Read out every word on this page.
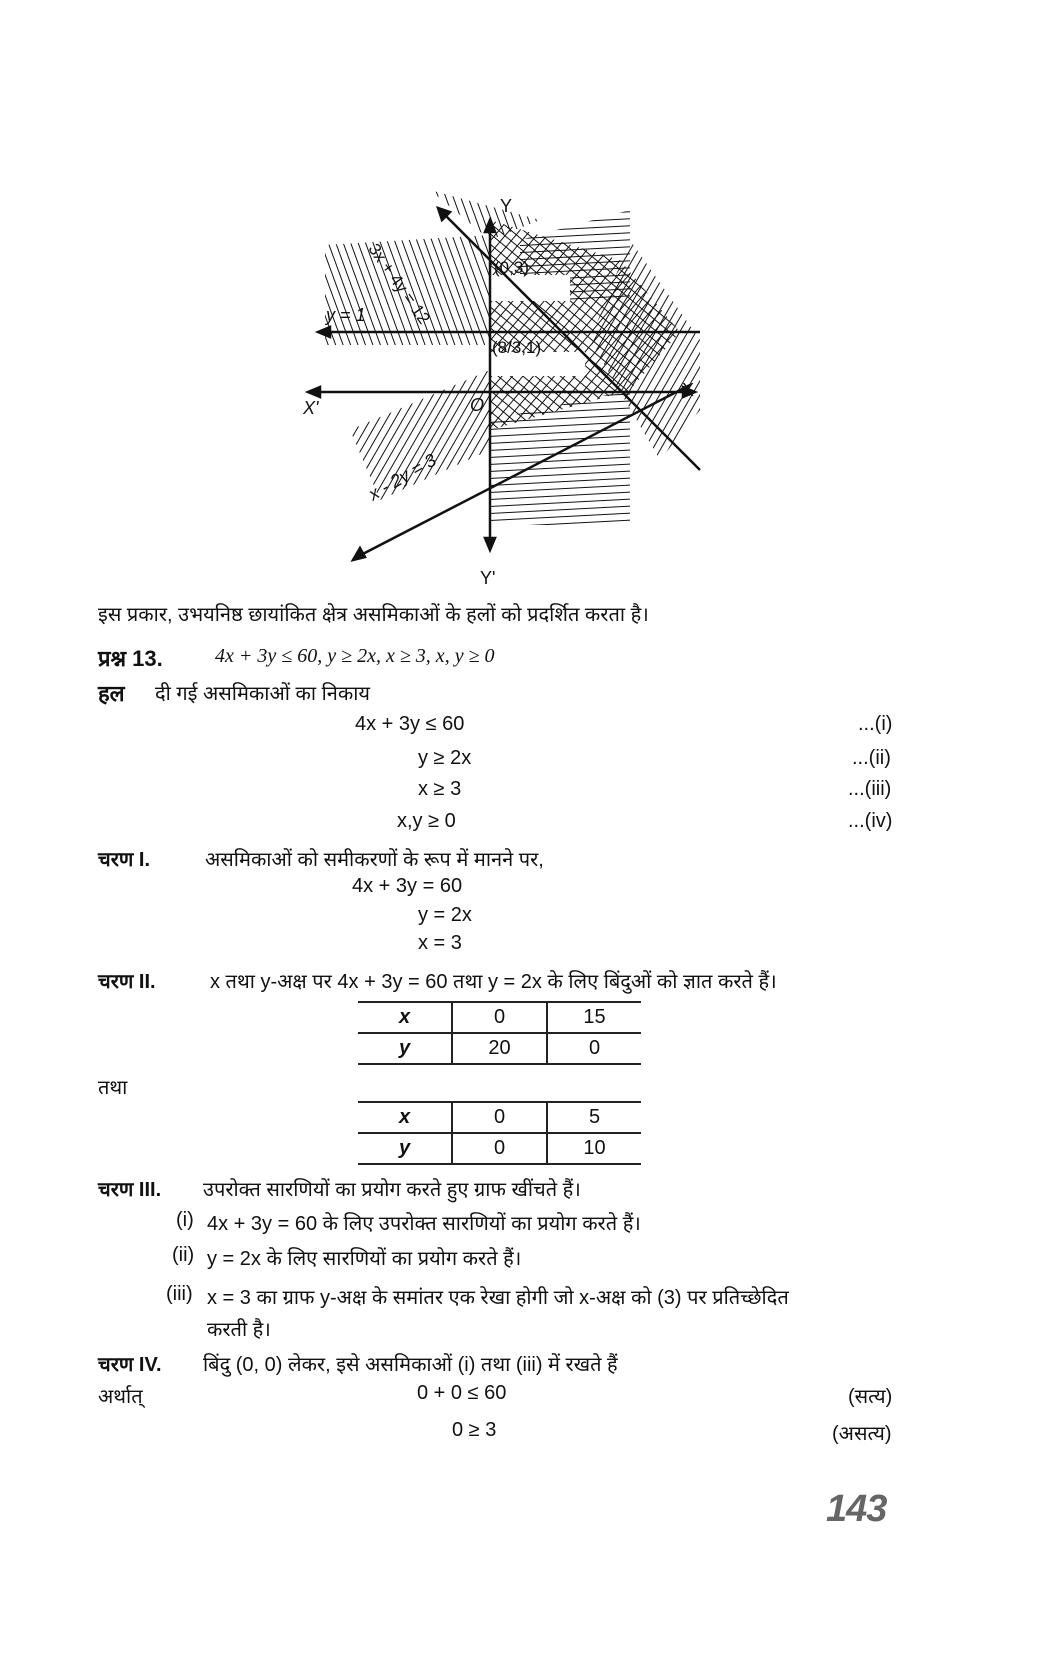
3x + 4y = 12
y = 1
x - 2y = 3
(0,3)
(8/3,1)
X
X'
Y
Y'
O
इस प्रकार, उभयनिष्ठ छायांकित क्षेत्र असमिकाओं के हलों को प्रदर्शित करता है।
प्रश्न 13.	4x + 3y ≤ 60, y ≥ 2x, x ≥ 3, x, y ≥ 0
हल दी गई असमिकाओं का निकाय
4x + 3y ≤ 60	...(i)
y ≥ 2x	...(ii)
x ≥ 3	...(iii)
x,y ≥ 0	...(iv)
चरण I.	असमिकाओं को समीकरणों के रूप में मानने पर,
4x + 3y = 60
y = 2x
x = 3
चरण II.	x तथा y-अक्ष पर 4x + 3y = 60 तथा y = 2x के लिए बिंदुओं को ज्ञात करते हैं।
x	0	15
y	20	0
तथा
x	0	5
y	0	10
चरण III. उपरोक्त सारणियों का प्रयोग करते हुए ग्राफ खींचते हैं।
(i) 4x + 3y = 60 के लिए उपरोक्त सारणियों का प्रयोग करते हैं।
(ii) y = 2x के लिए सारणियों का प्रयोग करते हैं।
(iii) x = 3 का ग्राफ y-अक्ष के समांतर एक रेखा होगी जो x-अक्ष को (3) पर प्रतिच्छेदित
करती है।
चरण IV. बिंदु (0, 0) लेकर, इसे असमिकाओं (i) तथा (iii) में रखते हैं
अर्थात्	0 + 0 ≤ 60	(सत्य)
0 ≥ 3	(असत्य)
143
